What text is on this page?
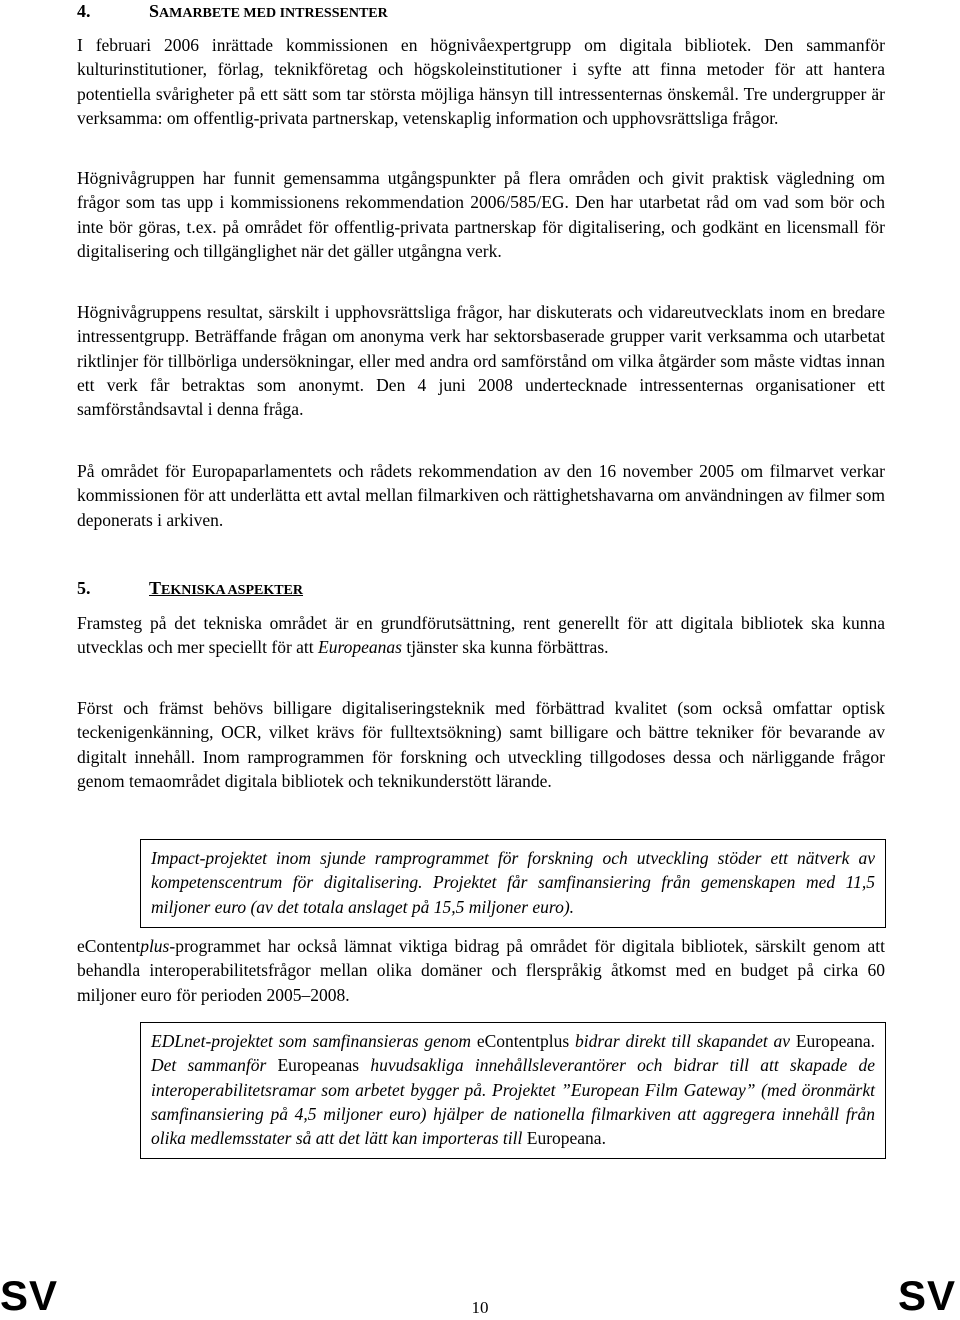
4.	SAMARBETE MED INTRESSENTER

I februari 2006 inrättade kommissionen en högnivåexpertgrupp om digitala bibliotek. Den sammanför kulturinstitutioner, förlag, teknikföretag och högskoleinstitutioner i syfte att finna metoder för att hantera potentiella svårigheter på ett sätt som tar största möjliga hänsyn till intressenternas önskemål. Tre undergrupper är verksamma: om offentlig-privata partnerskap, vetenskaplig information och upphovsrättsliga frågor.

Högnivågruppen har funnit gemensamma utgångspunkter på flera områden och givit praktisk vägledning om frågor som tas upp i kommissionens rekommendation 2006/585/EG. Den har utarbetat råd om vad som bör och inte bör göras, t.ex. på området för offentlig-privata partnerskap för digitalisering, och godkänt en licensmall för digitalisering och tillgänglighet när det gäller utgångna verk.

Högnivågruppens resultat, särskilt i upphovsrättsliga frågor, har diskuterats och vidareutvecklats inom en bredare intressentgrupp. Beträffande frågan om anonyma verk har sektorsbaserade grupper varit verksamma och utarbetat riktlinjer för tillbörliga undersökningar, eller med andra ord samförstånd om vilka åtgärder som måste vidtas innan ett verk får betraktas som anonymt. Den 4 juni 2008 undertecknade intressenternas organisationer ett samförståndsavtal i denna fråga.

På området för Europaparlamentets och rådets rekommendation av den 16 november 2005 om filmarvet verkar kommissionen för att underlätta ett avtal mellan filmarkiven och rättighetshavarna om användningen av filmer som deponerats i arkiven.

5.	TEKNISKA ASPEKTER

Framsteg på det tekniska området är en grundförutsättning, rent generellt för att digitala bibliotek ska kunna utvecklas och mer speciellt för att Europeanas tjänster ska kunna förbättras.

Först och främst behövs billigare digitaliseringsteknik med förbättrad kvalitet (som också omfattar optisk teckenigenkänning, OCR, vilket krävs för fulltextsökning) samt billigare och bättre tekniker för bevarande av digitalt innehåll. Inom ramprogrammen för forskning och utveckling tillgodoses dessa och närliggande frågor genom temaområdet digitala bibliotek och teknikunderstött lärande.

Impact-projektet inom sjunde ramprogrammet för forskning och utveckling stöder ett nätverk av kompetenscentrum för digitalisering. Projektet får samfinansiering från gemenskapen med 11,5 miljoner euro (av det totala anslaget på 15,5 miljoner euro).

eContentplus-programmet har också lämnat viktiga bidrag på området för digitala bibliotek, särskilt genom att behandla interoperabilitetsfrågor mellan olika domäner och flerspråkig åtkomst med en budget på cirka 60 miljoner euro för perioden 2005–2008.

EDLnet-projektet som samfinansieras genom eContentplus bidrar direkt till skapandet av Europeana. Det sammanför Europeanas huvudsakliga innehållsleverantörer och bidrar till att skapade de interoperabilitetsramar som arbetet bygger på. Projektet ”European Film Gateway” (med öronmärkt samfinansiering på 4,5 miljoner euro) hjälper de nationella filmarkiven att aggregera innehåll från olika medlemsstater så att det lätt kan importeras till Europeana.

SV	10	SV
